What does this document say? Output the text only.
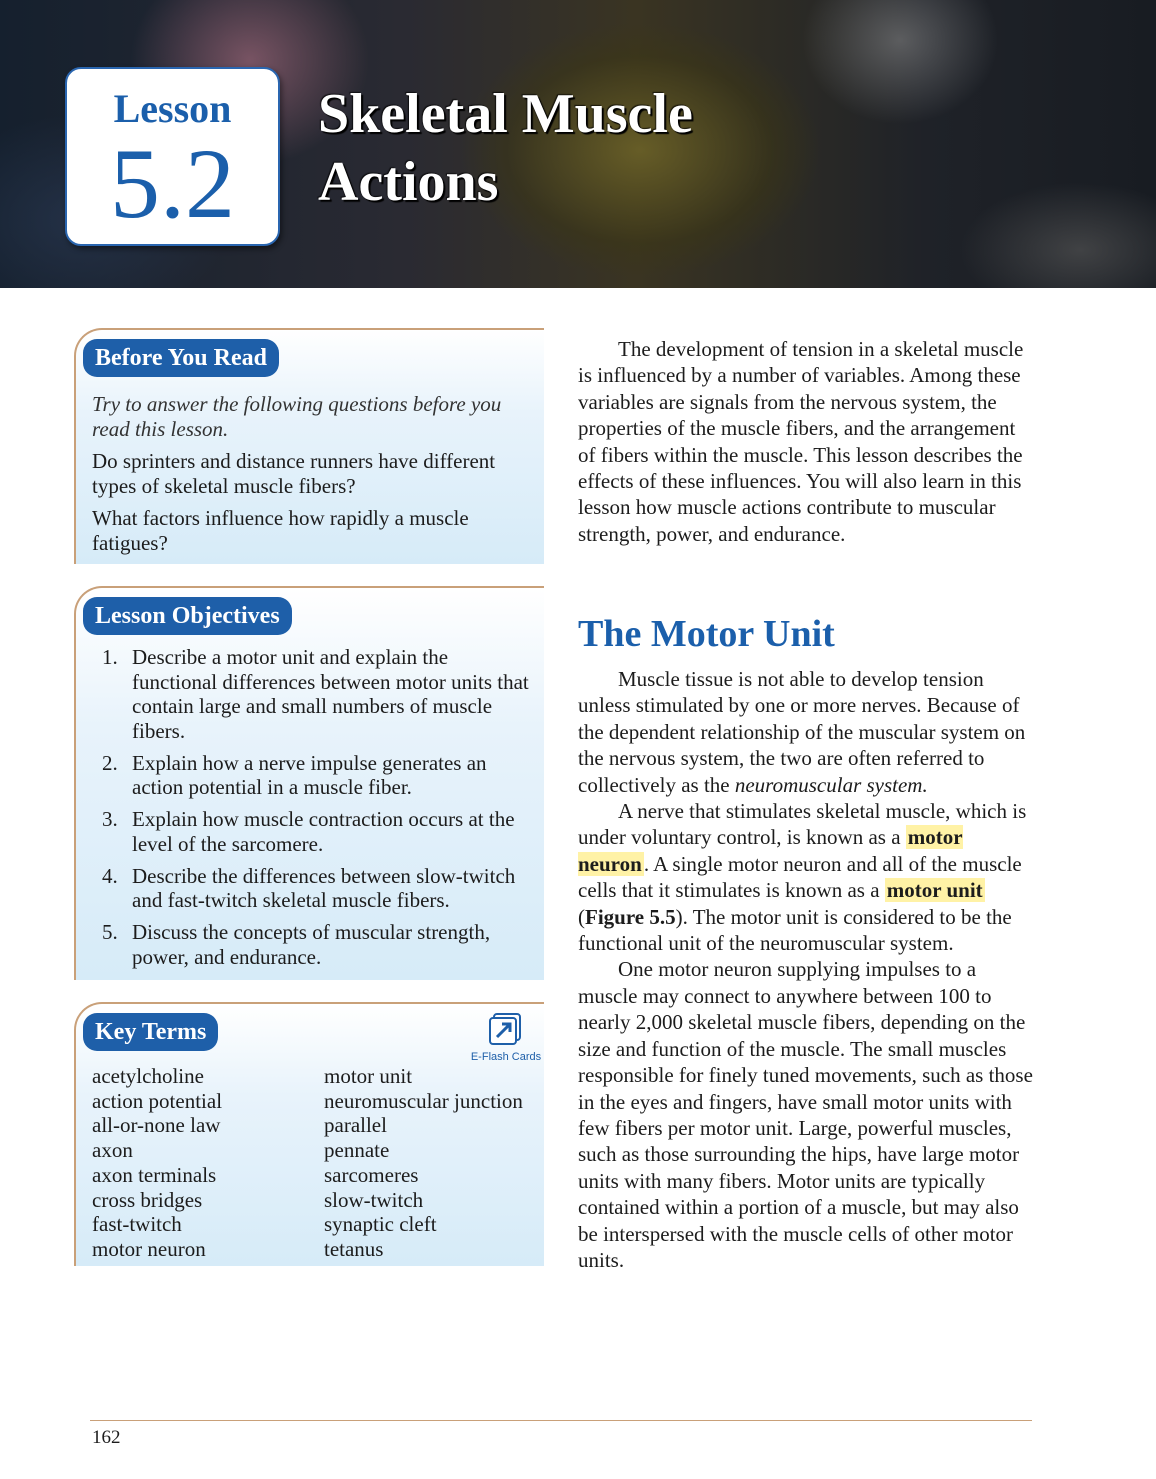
Lesson
5.2
Skeletal Muscle
Actions
Before You Read

Try to answer the following questions before you read this lesson.

Do sprinters and distance runners have different types of skeletal muscle fibers?

What factors influence how rapidly a muscle fatigues?

Lesson Objectives
1. Describe a motor unit and explain the functional differences between motor units that contain large and small numbers of muscle fibers.
2. Explain how a nerve impulse generates an action potential in a muscle fiber.
3. Explain how muscle contraction occurs at the level of the sarcomere.
4. Describe the differences between slow-twitch and fast-twitch skeletal muscle fibers.
5. Discuss the concepts of muscular strength, power, and endurance.
Key Terms
E-Flash Cards
acetylcholine
action potential
all-or-none law
axon
axon terminals
cross bridges
fast-twitch
motor neuron
motor unit
neuromuscular junction
parallel
pennate
sarcomeres
slow-twitch
synaptic cleft
tetanus

The development of tension in a skeletal muscle is influenced by a number of variables. Among these variables are signals from the nervous system, the properties of the muscle fibers, and the arrangement of fibers within the muscle. This lesson describes the effects of these influences. You will also learn in this lesson how muscle actions contribute to muscular strength, power, and endurance.

The Motor Unit

Muscle tissue is not able to develop tension unless stimulated by one or more nerves. Because of the dependent relationship of the muscular system on the nervous system, the two are often referred to collectively as the neuromuscular system.

A nerve that stimulates skeletal muscle, which is under voluntary control, is known as a motor neuron. A single motor neuron and all of the muscle cells that it stimulates is known as a motor unit (Figure 5.5). The motor unit is considered to be the functional unit of the neuromuscular system.

One motor neuron supplying impulses to a muscle may connect to anywhere between 100 to nearly 2,000 skeletal muscle fibers, depending on the size and function of the muscle. The small muscles responsible for finely tuned movements, such as those in the eyes and fingers, have small motor units with few fibers per motor unit. Large, powerful muscles, such as those surrounding the hips, have large motor units with many fibers. Motor units are typically contained within a portion of a muscle, but may also be interspersed with the muscle cells of other motor units.

162
